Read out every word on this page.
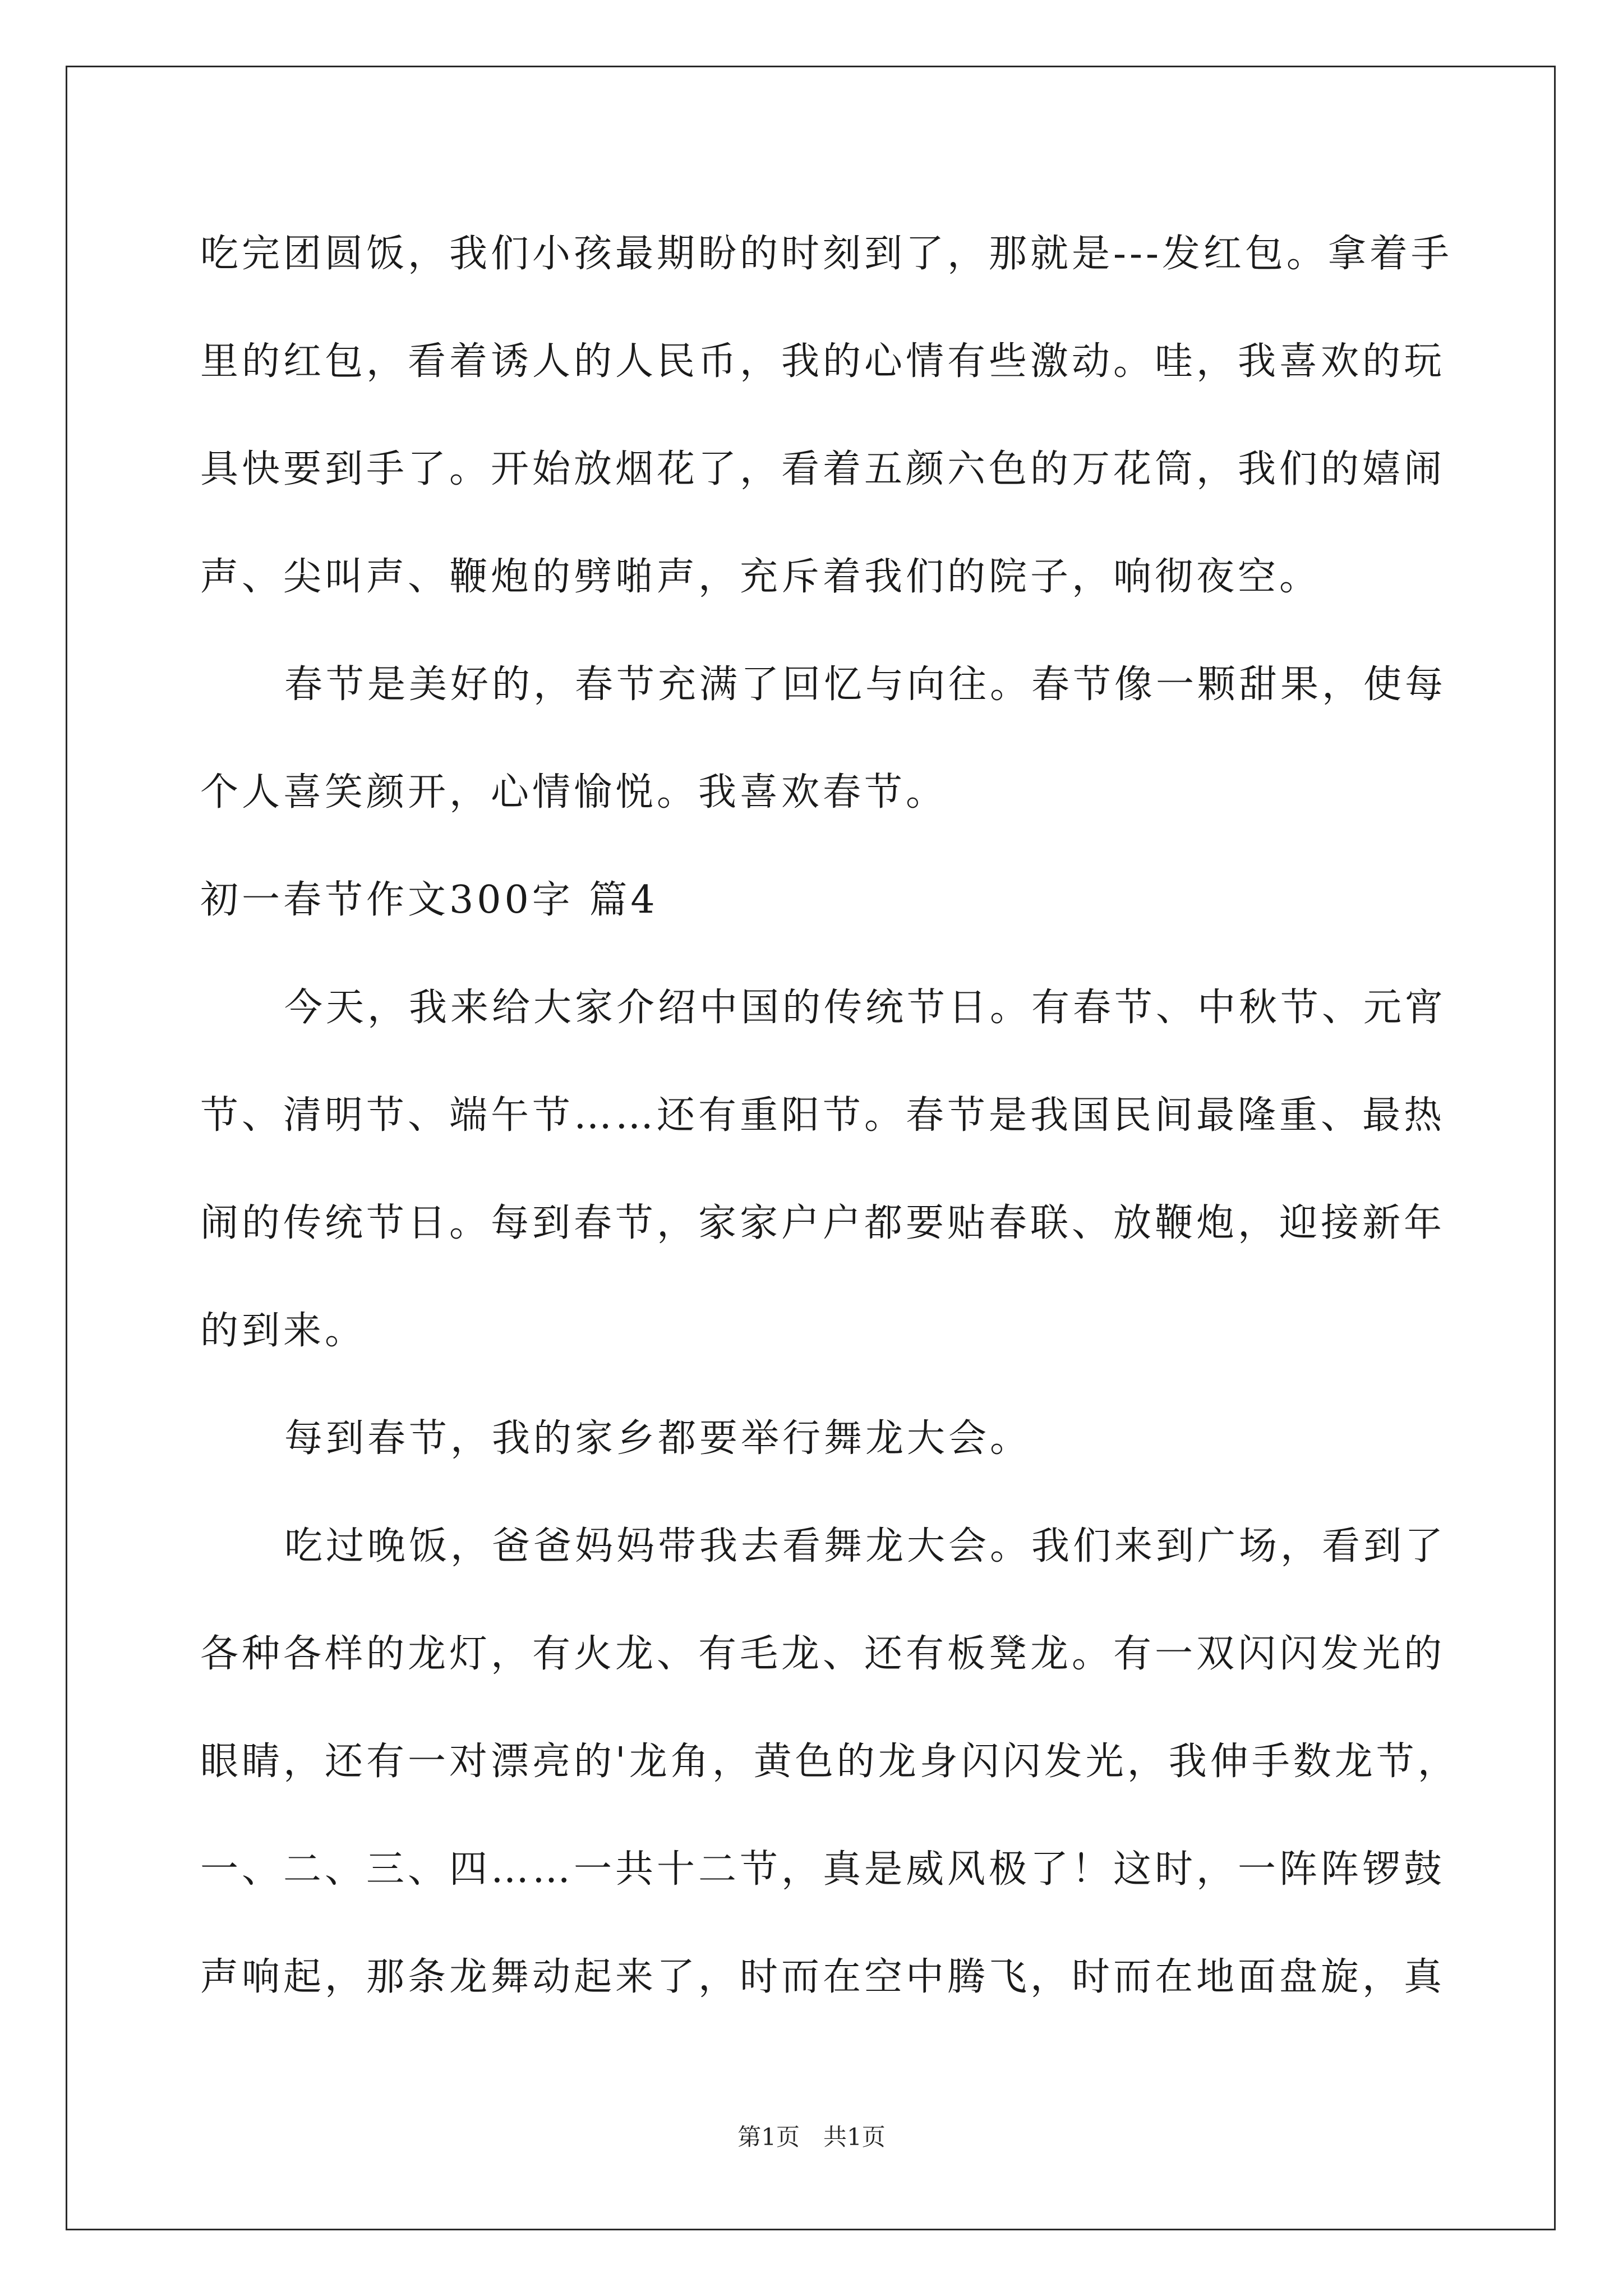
吃完团圆饭，我们小孩最期盼的时刻到了，那就是---发红包。拿着手
里的红包，看着诱人的人民币，我的心情有些激动。哇，我喜欢的玩
具快要到手了。开始放烟花了，看着五颜六色的万花筒，我们的嬉闹
声、尖叫声、鞭炮的劈啪声，充斥着我们的院子，响彻夜空。
春节是美好的，春节充满了回忆与向往。春节像一颗甜果，使每
个人喜笑颜开，心情愉悦。我喜欢春节。
初一春节作文300字 篇4
今天，我来给大家介绍中国的传统节日。有春节、中秋节、元宵
节、清明节、端午节……还有重阳节。春节是我国民间最隆重、最热
闹的传统节日。每到春节，家家户户都要贴春联、放鞭炮，迎接新年
的到来。
每到春节，我的家乡都要举行舞龙大会。
吃过晚饭，爸爸妈妈带我去看舞龙大会。我们来到广场，看到了
各种各样的龙灯，有火龙、有毛龙、还有板凳龙。有一双闪闪发光的
眼睛，还有一对漂亮的'龙角，黄色的龙身闪闪发光，我伸手数龙节，
一、二、三、四……一共十二节，真是威风极了！这时，一阵阵锣鼓
声响起，那条龙舞动起来了，时而在空中腾飞，时而在地面盘旋，真
第1页　共1页
